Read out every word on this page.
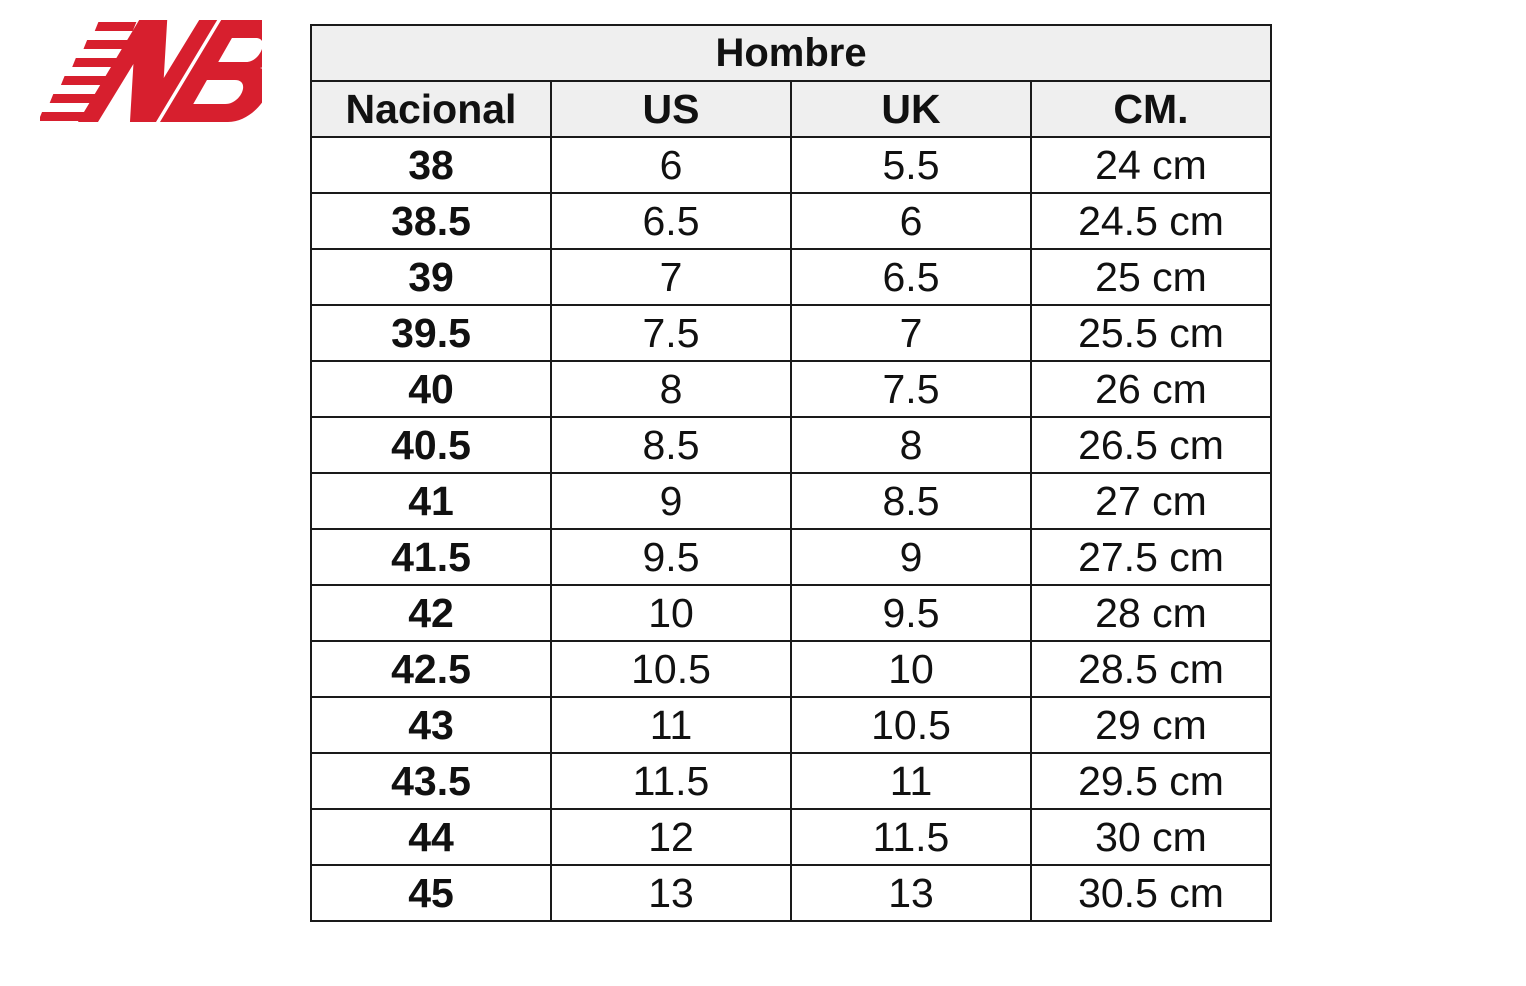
Hombre			
Nacional	US	UK	CM.
38	6	5.5	24 cm
38.5	6.5	6	24.5 cm
39	7	6.5	25 cm
39.5	7.5	7	25.5 cm
40	8	7.5	26 cm
40.5	8.5	8	26.5 cm
41	9	8.5	27 cm
41.5	9.5	9	27.5 cm
42	10	9.5	28 cm
42.5	10.5	10	28.5 cm
43	11	10.5	29 cm
43.5	11.5	11	29.5 cm
44	12	11.5	30 cm
45	13	13	30.5 cm
